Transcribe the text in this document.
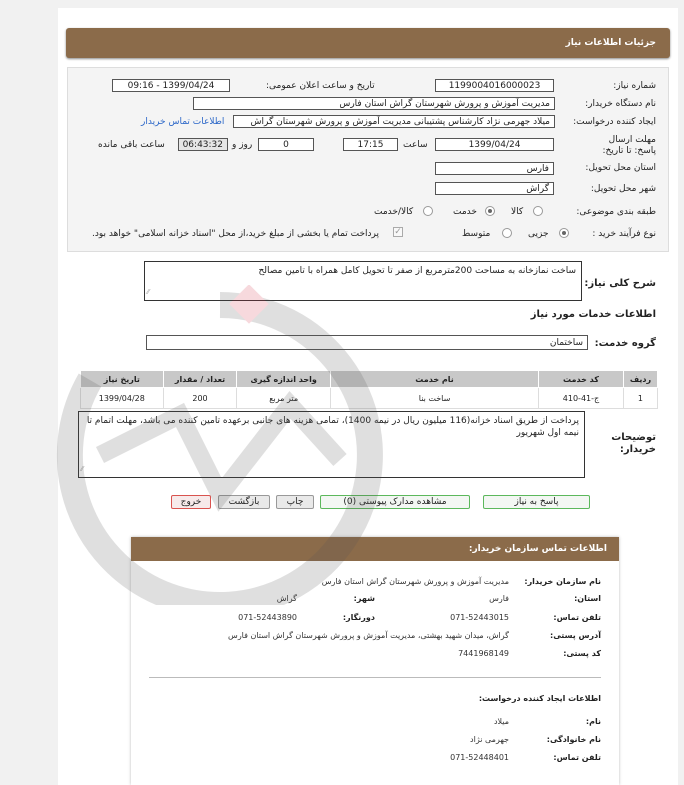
جزئیات اطلاعات نیاز
شماره نیاز:
1199004016000023
تاریخ و ساعت اعلان عمومی:
1399/04/24 - 09:16
نام دستگاه خریدار:
مدیریت آموزش و پرورش شهرستان گراش استان فارس
ایجاد کننده درخواست:
میلاد جهرمی نژاد کارشناس پشتیبانی مدیریت آموزش و پرورش شهرستان گراش
اطلاعات تماس خریدار
مهلت ارسال پاسخ: تا تاریخ:
1399/04/24
ساعت
17:15
0
روز و
06:43:32
ساعت باقی مانده
استان محل تحویل:
فارس
شهر محل تحویل:
گراش
طبقه بندی موضوعی:
کالا
خدمت
کالا/خدمت
نوع فرآیند خرید :
جزیی
متوسط
✓
پرداخت تمام یا بخشی از مبلغ خرید،از محل "اسناد خزانه اسلامی" خواهد بود.
شرح کلی نیاز:
ساخت نمازخانه به مساحت 200مترمربع از صفر تا تحویل کامل همراه با تامین مصالح
⁄⁄
اطلاعات خدمات مورد نیاز
گروه خدمت:
ساختمان
ردیف	کد خدمت	نام خدمت	واحد اندازه گیری	تعداد / مقدار	تاریخ نیاز
1	ج-41-410	ساخت بنا	متر مربع	200	1399/04/28
توضیحات خریدار:
پرداخت از طریق اسناد خزانه(116 میلیون ریال در نیمه 1400)، تمامی هزینه های جانبی برعهده تامین کننده می باشد، مهلت اتمام تا نیمه اول شهریور
⁄⁄
پاسخ به نیاز
مشاهده مدارک پیوستی (0)
چاپ
بازگشت
خروج
اطلاعات تماس سازمان خریدار:
نام سازمان خریدار:
مدیریت آموزش و پرورش شهرستان گراش استان فارس
استان:
فارس
شهر:
گراش
تلفن تماس:
071-52443015
دورنگار:
071-52443890
آدرس پستی:
گراش، میدان شهید بهشتی، مدیریت آموزش و پرورش شهرستان گراش استان فارس
کد پستی:
7441968149
اطلاعات ایجاد کننده درخواست:
نام:
میلاد
نام خانوادگی:
جهرمی نژاد
تلفن تماس:
071-52448401
